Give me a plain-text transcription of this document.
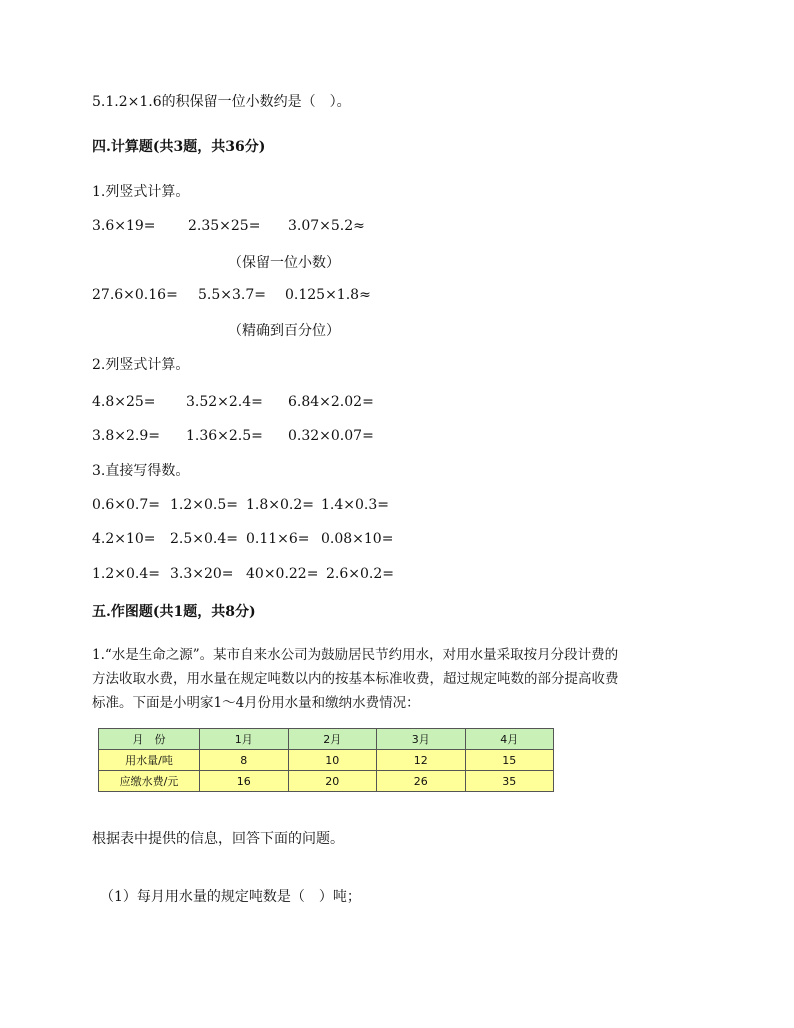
5.1.2×1.6的积保留一位小数约是（　）。
四.计算题(共3题，共36分)
1.列竖式计算。
3.6×19= 2.35×25= 3.07×5.2≈
（保留一位小数）
27.6×0.16= 5.5×3.7= 0.125×1.8≈
（精确到百分位）
2.列竖式计算。
4.8×25= 3.52×2.4= 6.84×2.02=
3.8×2.9= 1.36×2.5= 0.32×0.07=
3.直接写得数。
0.6×0.7= 1.2×0.5= 1.8×0.2= 1.4×0.3=
4.2×10= 2.5×0.4= 0.11×6= 0.08×10=
1.2×0.4= 3.3×20= 40×0.22= 2.6×0.2=
五.作图题(共1题，共8分)
1.“水是生命之源”。某市自来水公司为鼓励居民节约用水，对用水量采取按月分段计费的
方法收取水费，用水量在规定吨数以内的按基本标准收费，超过规定吨数的部分提高收费
标准。下面是小明家1～4月份用水量和缴纳水费情况：
月　份	1月	2月	3月	4月
用水量/吨	8	10	12	15
应缴水费/元	16	20	26	35
根据表中提供的信息，回答下面的问题。
（1）每月用水量的规定吨数是（　）吨；
